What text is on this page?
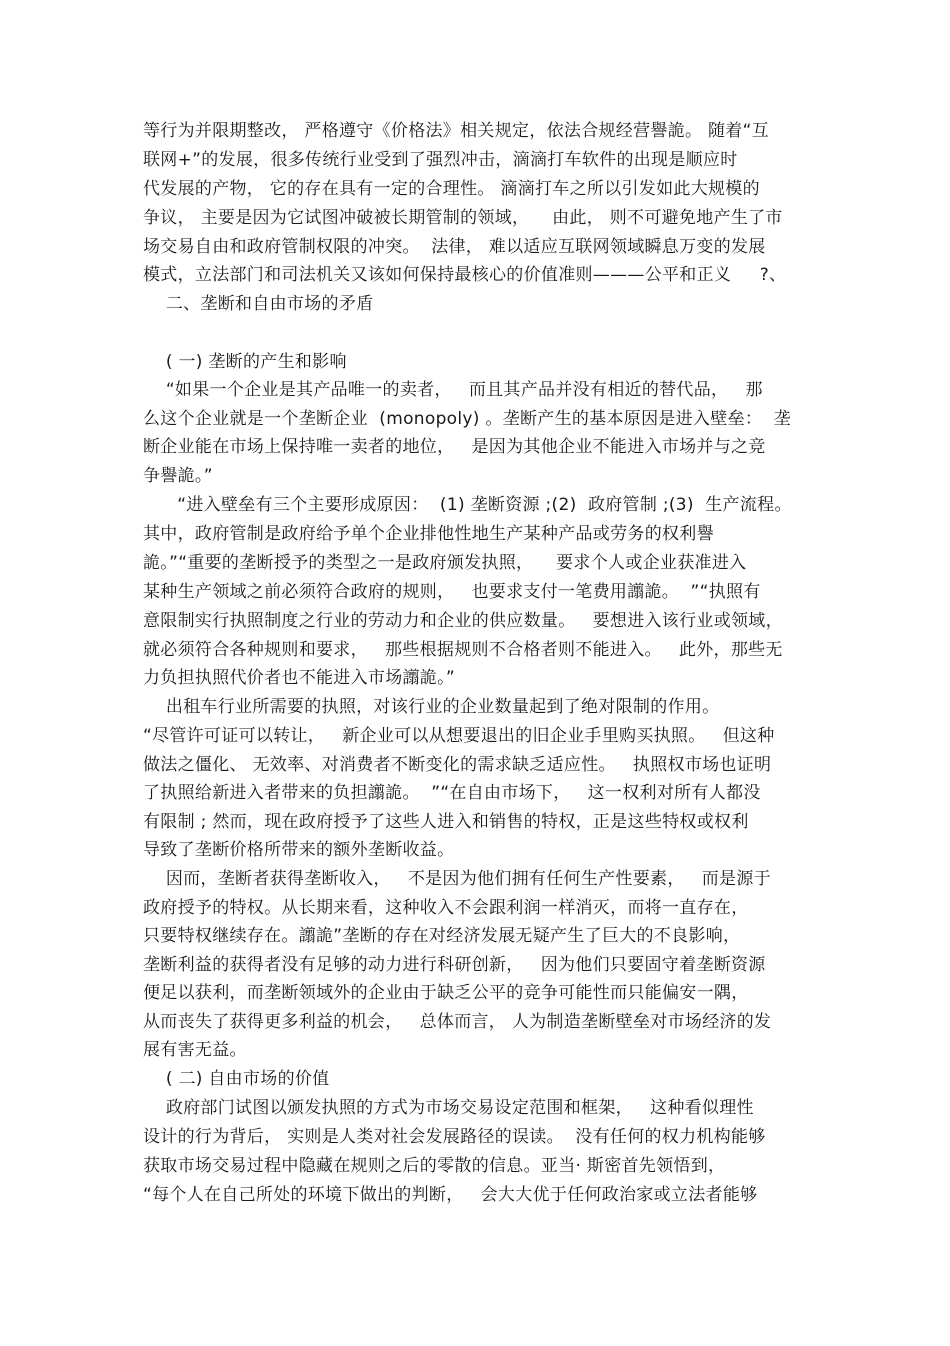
等行为并限期整改， 严格遵守《价格法》相关规定，依法合规经营譽詭。 随着“互
联网+”的发展，很多传统行业受到了强烈冲击，滴滴打车软件的出现是顺应时
代发展的产物， 它的存在具有一定的合理性。 滴滴打车之所以引发如此大规模的
争议， 主要是因为它试图冲破被长期管制的领域，    由此， 则不可避免地产生了市
场交易自由和政府管制权限的冲突。  法律， 难以适应互联网领域瞬息万变的发展
模式，立法部门和司法机关又该如何保持最核心的价值准则———公平和正义     ?、
二、垄断和自由市场的矛盾
( 一) 垄断的产生和影响
“如果一个企业是其产品唯一的卖者，   而且其产品并没有相近的替代品，   那
么这个企业就是一个垄断企业  (monopoly) 。垄断产生的基本原因是进入壁垒：  垄
断企业能在市场上保持唯一卖者的地位，   是因为其他企业不能进入市场并与之竞
争譽詭。”
“进入壁垒有三个主要形成原因：  (1) 垄断资源 ;(2)  政府管制 ;(3)  生产流程。
其中，政府管制是政府给予单个企业排他性地生产某种产品或劳务的权利譽
詭。”“重要的垄断授予的类型之一是政府颁发执照，    要求个人或企业获准进入
某种生产领域之前必须符合政府的规则，   也要求支付一笔费用譾詭。  ”“执照有
意限制实行执照制度之行业的劳动力和企业的供应数量。   要想进入该行业或领域，
就必须符合各种规则和要求，   那些根据规则不合格者则不能进入。   此外，那些无
力负担执照代价者也不能进入市场譾詭。”
出租车行业所需要的执照，对该行业的企业数量起到了绝对限制的作用。
“尽管许可证可以转让，   新企业可以从想要退出的旧企业手里购买执照。   但这种
做法之僵化、 无效率、对消费者不断变化的需求缺乏适应性。   执照权市场也证明
了执照给新进入者带来的负担譾詭。  ”“在自由市场下，   这一权利对所有人都没
有限制 ; 然而，现在政府授予了这些人进入和销售的特权，正是这些特权或权利
导致了垄断价格所带来的额外垄断收益。
因而，垄断者获得垄断收入，   不是因为他们拥有任何生产性要素，   而是源于
政府授予的特权。从长期来看，这种收入不会跟利润一样消灭，而将一直存在，
只要特权继续存在。譾詭”垄断的存在对经济发展无疑产生了巨大的不良影响，
垄断利益的获得者没有足够的动力进行科研创新，   因为他们只要固守着垄断资源
便足以获利，而垄断领域外的企业由于缺乏公平的竞争可能性而只能偏安一隅，
从而丧失了获得更多利益的机会，   总体而言， 人为制造垄断壁垒对市场经济的发
展有害无益。
( 二) 自由市场的价值
政府部门试图以颁发执照的方式为市场交易设定范围和框架，   这种看似理性
设计的行为背后， 实则是人类对社会发展路径的误读。  没有任何的权力机构能够
获取市场交易过程中隐藏在规则之后的零散的信息。亚当· 斯密首先领悟到，
“每个人在自己所处的环境下做出的判断，   会大大优于任何政治家或立法者能够
